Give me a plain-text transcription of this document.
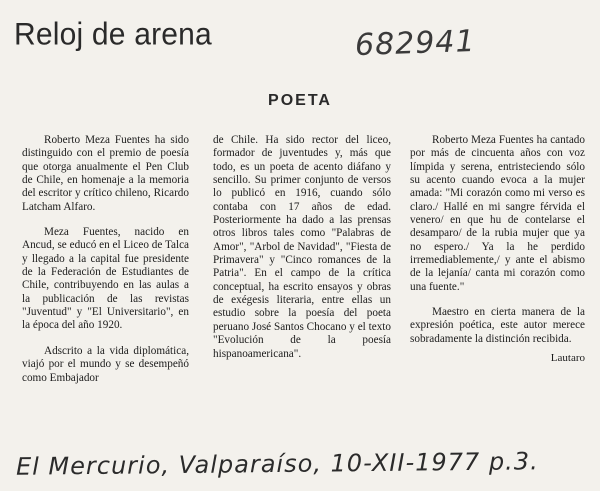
Reloj de arena	682941
POETA

Roberto Meza Fuentes ha sido distinguido con el premio de poesía que otorga anualmente el Pen Club de Chile, en homenaje a la memoria del escritor y crítico chileno, Ricardo Latcham Alfaro.

Meza Fuentes, nacido en Ancud, se educó en el Liceo de Talca y llegado a la capital fue presidente de la Federación de Estudiantes de Chile, contribuyendo en las aulas a la publicación de las revistas "Juventud" y "El Universitario", en la época del año 1920.

Adscrito a la vida diplomática, viajó por el mundo y se desempeñó como Embajador

de Chile. Ha sido rector del liceo, formador de juventudes y, más que todo, es un poeta de acento diáfano y sencillo. Su primer conjunto de versos lo publicó en 1916, cuando sólo contaba con 17 años de edad. Posteriormente ha dado a las prensas otros libros tales como "Palabras de Amor", "Arbol de Navidad", "Fiesta de Primavera" y "Cinco romances de la Patria". En el campo de la crítica conceptual, ha escrito ensayos y obras de exégesis literaria, entre ellas un estudio sobre la poesía del poeta peruano José Santos Chocano y el texto "Evolución de la poesía hispanoamericana".

Roberto Meza Fuentes ha cantado por más de cincuenta años con voz límpida y serena, entristeciendo sólo su acento cuando evoca a la mujer amada: "Mi corazón como mi verso es claro./ Hallé en mi sangre férvida el venero/ en que hu de contelarse el desamparo/ de la rubia mujer que ya no espero./ Ya la he perdido irremediablemente,/ y ante el abismo de la lejanía/ canta mi corazón como una fuente."

Maestro en cierta manera de la expresión poética, este autor merece sobradamente la distinción recibida.

Lautaro
El Mercurio, Valparaíso, 10-XII-1977 p.3.
